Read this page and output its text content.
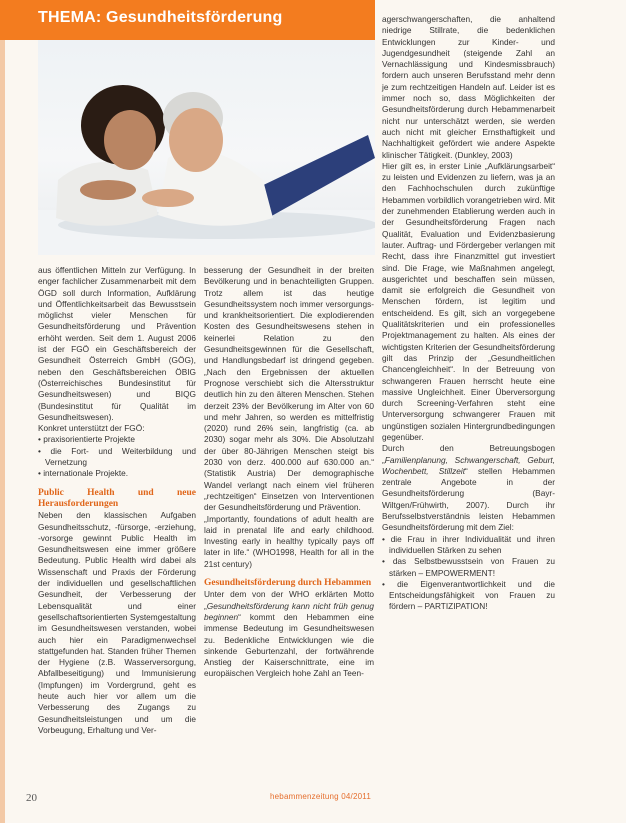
THEMA: Gesundheitsförderung

aus öffentlichen Mitteln zur Verfügung. In enger fachlicher Zusammenarbeit mit dem ÖGD soll durch Information, Aufklärung und Öffentlichkeitsarbeit das Bewusstsein möglichst vieler Menschen für Gesundheitsförderung und Prävention erhöht werden. Seit dem 1. August 2006 ist der FGÖ ein Geschäftsbereich der Gesundheit Österreich GmbH (GÖG), neben den Geschäftsbereichen ÖBIG (Österreichisches Bundesinstitut für Gesundheitswesen) und BIQG (Bundesinstitut für Qualität im Gesundheitswesen).

Konkret unterstützt der FGÖ:

• praxisorientierte Projekte
• die Fort- und Weiterbildung und Vernetzung
• internationale Projekte.

Public Health und neue Herausforderungen

Neben den klassischen Aufgaben Gesundheitsschutz, -fürsorge, -erziehung, -vorsorge gewinnt Public Health im Gesundheitswesen eine immer größere Bedeutung. Public Health wird dabei als Wissenschaft und Praxis der Förderung der individuellen und gesellschaftlichen Gesundheit, der Verbesserung der Lebensqualität und einer gesellschaftsorientierten Systemgestaltung im Gesundheitswesen verstanden, wobei auch hier ein Paradigmenwechsel stattgefunden hat. Standen früher Themen der Hygiene (z.B. Wasserversorgung, Abfallbeseitigung) und Immunisierung (Impfungen) im Vordergrund, geht es heute auch hier vor allem um die Verbesserung des Zugangs zu Gesundheitsleistungen und um die Vorbeugung, Erhaltung und Ver-

besserung der Gesundheit in der breiten Bevölkerung und in benachteiligten Gruppen. Trotz allem ist das heutige Gesundheitssystem noch immer versorgungs- und krankheitsorientiert. Die explodierenden Kosten des Gesundheitswesens stehen in keinerlei Relation zu den Gesundheitsgewinnen für die Gesellschaft, und Handlungsbedarf ist dringend gegeben. „Nach den Ergebnissen der aktuellen Prognose verschiebt sich die Altersstruktur deutlich hin zu den älteren Menschen. Stehen derzeit 23% der Bevölkerung im Alter von 60 und mehr Jahren, so werden es mittelfristig (2020) rund 26% sein, langfristig (ca. ab 2030) sogar mehr als 30%. Die Absolutzahl der über 80-Jährigen Menschen steigt bis 2030 von derz. 400.000 auf 630.000 an.“ (Statistik Austria) Der demographische Wandel verlangt nach einem viel früheren „rechtzeitigen“ Einsetzen von Interventionen der Gesundheitsförderung und Prävention.

„Importantly, foundations of adult health are laid in prenatal life and early childhood. Investing early in healthy typically pays off later in life.“ (WHO1998, Health for all in the 21st century)

Gesundheitsförderung durch Hebammen

Unter dem von der WHO erklärten Motto „Gesundheitsförderung kann nicht früh genug beginnen“ kommt den Hebammen eine immense Bedeutung im Gesundheitswesen zu. Bedenkliche Entwicklungen wie die sinkende Geburtenzahl, der fortwährende Anstieg der Kaiserschnittrate, eine im europäischen Vergleich hohe Zahl an Teen-

agerschwangerschaften, die anhaltend niedrige Stillrate, die bedenklichen Entwicklungen zur Kinder- und Jugendgesundheit (steigende Zahl an Vernachlässigung und Kindesmissbrauch) fordern auch unseren Berufsstand mehr denn je zum rechtzeitigen Handeln auf. Leider ist es immer noch so, dass Möglichkeiten der Gesundheitsförderung durch Hebammenarbeit nicht nur unterschätzt werden, sie werden auch nicht mit gleicher Ernsthaftigkeit und Nachhaltigkeit gefördert wie andere Aspekte klinischer Tätigkeit. (Dunkley, 2003)

Hier gilt es, in erster Linie „Aufklärungsarbeit“ zu leisten und Evidenzen zu liefern, was ja an den Fachhochschulen durch zukünftige Hebammen vorbildlich vorangetrieben wird. Mit der zunehmenden Etablierung werden auch in der Gesundheitsförderung Fragen nach Qualität, Evaluation und Evidenzbasierung lauter. Auftrag- und Fördergeber verlangen mit Recht, dass ihre Finanzmittel gut investiert sind. Die Frage, wie Maßnahmen angelegt, ausgerichtet und beschaffen sein müssen, damit sie erfolgreich die Gesundheit von Menschen fördern, ist legitim und entscheidend. Es gilt, sich an vorgegebene Qualitätskriterien und ein professionelles Projektmanagement zu halten. Als eines der wichtigsten Kriterien der Gesundheitsförderung gilt das Prinzip der „Gesundheitlichen Chancengleichheit“. In der Betreuung von schwangeren Frauen herrscht heute eine massive Ungleichheit. Einer Überversorgung durch Screening-Verfahren steht eine Unterversorgung schwangerer Frauen mit ungünstigen sozialen Hintergrundbedingungen gegenüber.

Durch den Betreuungsbogen „Familienplanung, Schwangerschaft, Geburt, Wochenbett, Stillzeit“ stellen Hebammen zentrale Angebote in der Gesundheitsförderung (Bayr-Wiltgen/Frühwirth, 2007). Durch ihr Berufsselbstverständnis leisten Hebammen Gesundheitsförderung mit dem Ziel:

• die Frau in ihrer Individualität und ihren individuellen Stärken zu sehen
• das Selbstbewusstsein von Frauen zu stärken – EMPOWERMENT!
• die Eigenverantwortlichkeit und die Entscheidungsfähigkeit von Frauen zu fördern – PARTIZIPATION!
20	hebammenzeitung 04/2011
